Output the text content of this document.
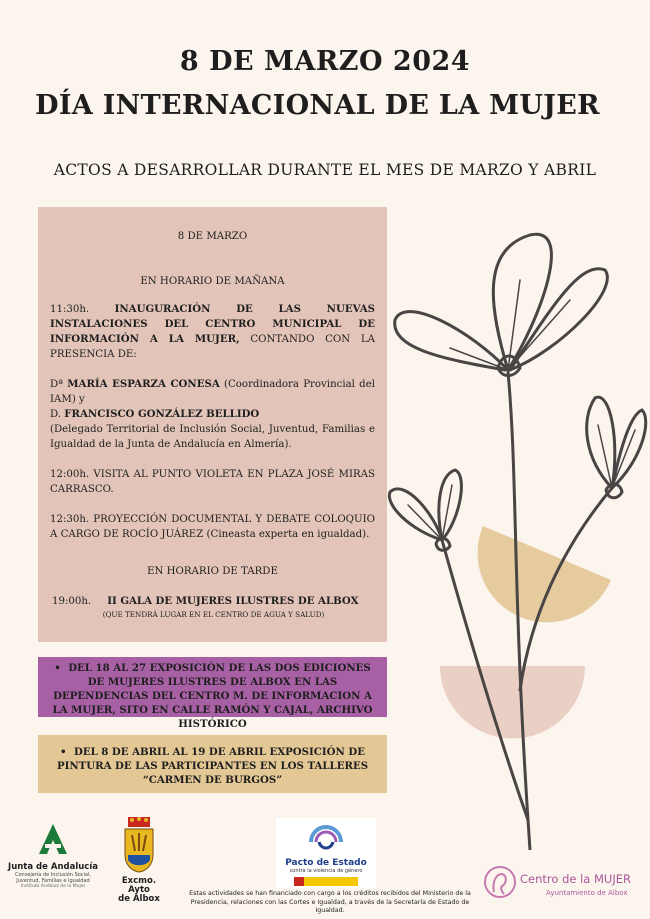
8 DE MARZO 2024
DÍA INTERNACIONAL DE LA MUJER
ACTOS A DESARROLLAR DURANTE EL MES DE MARZO Y ABRIL
8 DE MARZO
EN HORARIO DE MAÑANA

11:30h. INAUGURACIÓN DE LAS NUEVAS INSTALACIONES DEL CENTRO MUNICIPAL DE INFORMACIÓN A LA MUJER, CONTANDO CON LA PRESENCIA DE:

Dª MARÍA ESPARZA CONESA (Coordinadora Provincial del IAM) y
D. FRANCISCO GONZÁLEZ BELLIDO
(Delegado Territorial de Inclusión Social, Juventud, Familias e Igualdad de la Junta de Andalucía en Almería).

12:00h. VISITA AL PUNTO VIOLETA EN PLAZA JOSÉ MIRAS CARRASCO.

12:30h. PROYECCIÓN DOCUMENTAL Y DEBATE COLOQUIO A CARGO DE ROCÍO JUÁREZ (Cineasta experta en igualdad).

EN HORARIO DE TARDE
19:00h. II GALA DE MUJERES ILUSTRES DE ALBOX
(QUE TENDRÁ LUGAR EN EL CENTRO DE AGUA Y SALUD)
• DEL 18 AL 27 EXPOSICIÓN DE LAS DOS EDICIONES DE MUJERES ILUSTRES DE ALBOX EN LAS DEPENDENCIAS DEL CENTRO M. DE INFORMACION A LA MUJER, SITO EN CALLE RAMÓN Y CAJAL, ARCHIVO HISTÓRICO
• DEL 8 DE ABRIL AL 19 DE ABRIL EXPOSICIÓN DE PINTURA DE LAS PARTICIPANTES EN LOS TALLERES “CARMEN DE BURGOS”
Junta de Andalucía
Consejería de Inclusión Social, Juventud, Familias e Igualdad
Instituto Andaluz de la Mujer
Excmo. Ayto
de Albox
Pacto de Estado
contra la violencia de género
Centro de la MUJER
Ayuntamiento de Albox
Estas actividades se han financiado con cargo a los créditos recibidos del Ministerio de la Presidencia, relaciones con las Cortes e Igualdad, a través de la Secretaría de Estado de Igualdad.
